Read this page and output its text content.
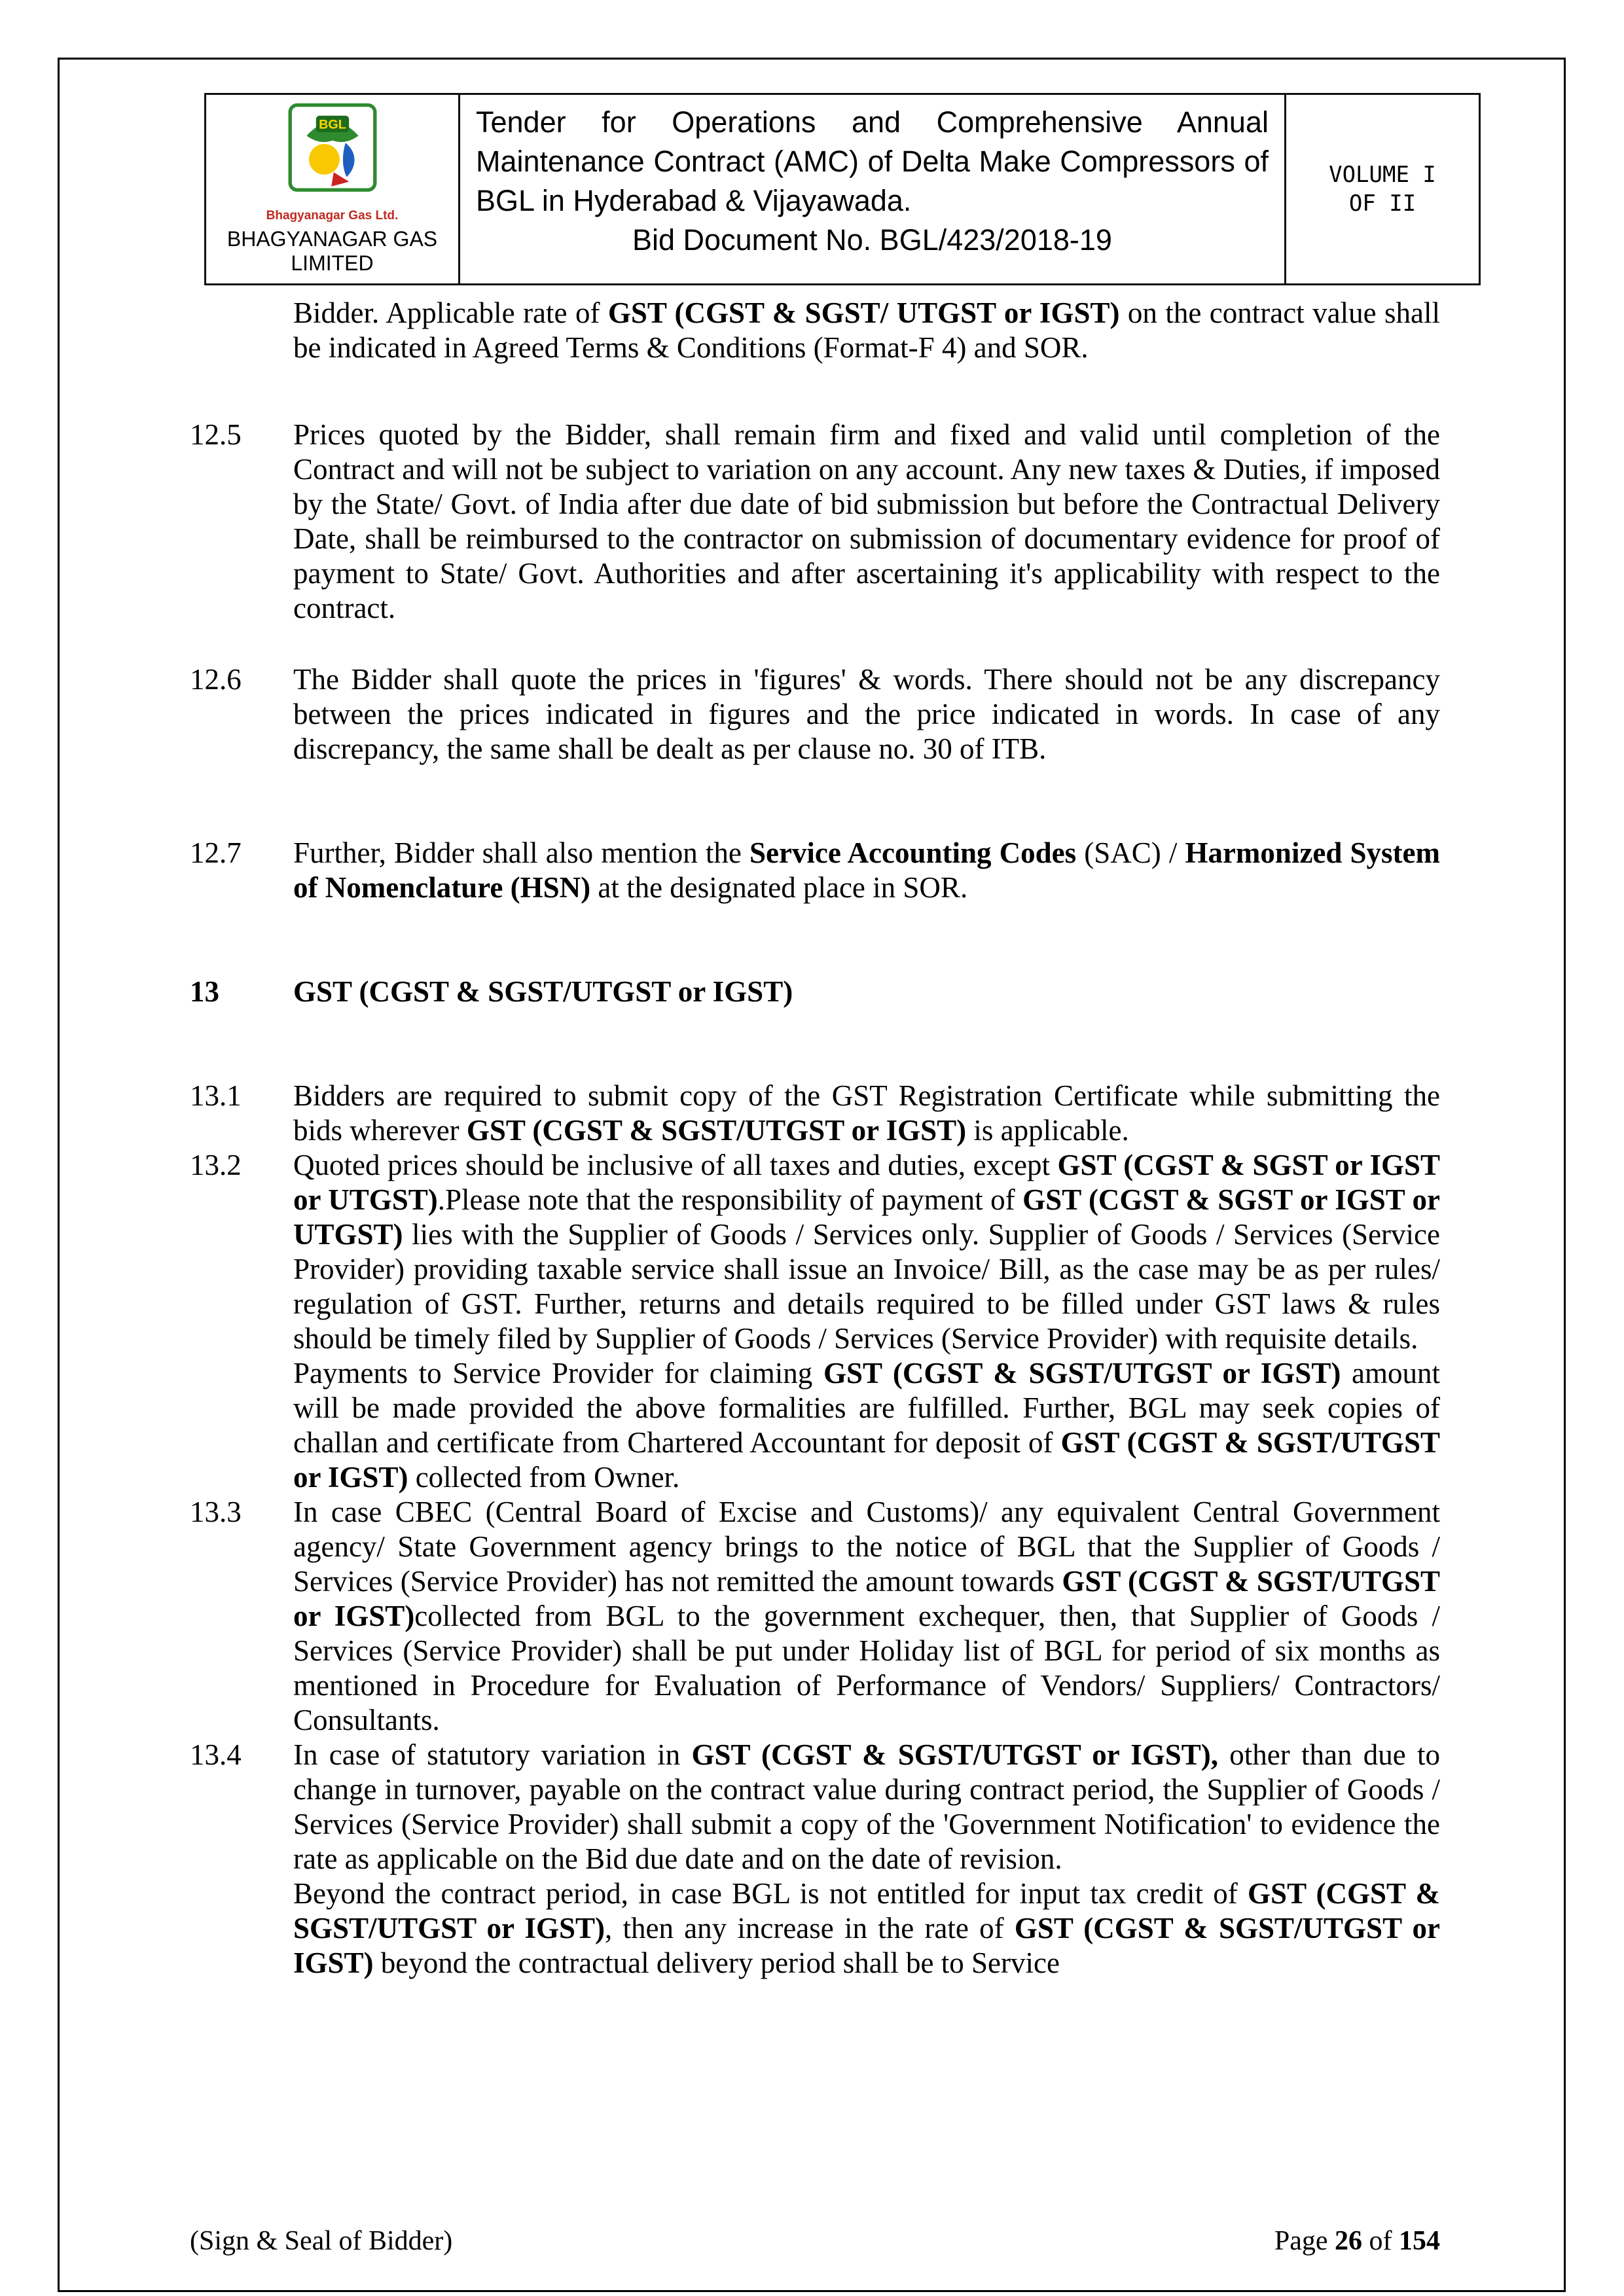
BGL
Bhagyanagar Gas Ltd.
BHAGYANAGAR GAS LIMITED
Tender for Operations and Comprehensive Annual Maintenance Contract (AMC) of Delta Make Compressors of BGL in Hyderabad & Vijayawada.
Bid Document No. BGL/423/2018-19
VOLUME I
OF II
Bidder. Applicable rate of GST (CGST & SGST/ UTGST or IGST) on the contract value shall be indicated in Agreed Terms & Conditions (Format-F 4) and SOR.
12.5	Prices quoted by the Bidder, shall remain firm and fixed and valid until completion of the Contract and will not be subject to variation on any account. Any new taxes & Duties, if imposed by the State/ Govt. of India after due date of bid submission but before the Contractual Delivery Date, shall be reimbursed to the contractor on submission of documentary evidence for proof of payment to State/ Govt. Authorities and after ascertaining it's applicability with respect to the contract.
12.6	The Bidder shall quote the prices in 'figures' & words. There should not be any discrepancy between the prices indicated in figures and the price indicated in words. In case of any discrepancy, the same shall be dealt as per clause no. 30 of ITB.
12.7	Further, Bidder shall also mention the Service Accounting Codes (SAC) / Harmonized System of Nomenclature (HSN) at the designated place in SOR.
13	GST (CGST & SGST/UTGST or IGST)
13.1	Bidders are required to submit copy of the GST Registration Certificate while submitting the bids wherever GST (CGST & SGST/UTGST or IGST) is applicable.
13.2	Quoted prices should be inclusive of all taxes and duties, except GST (CGST & SGST or IGST or UTGST).Please note that the responsibility of payment of GST (CGST & SGST or IGST or UTGST) lies with the Supplier of Goods / Services only. Supplier of Goods / Services (Service Provider) providing taxable service shall issue an Invoice/ Bill, as the case may be as per rules/ regulation of GST. Further, returns and details required to be filled under GST laws & rules should be timely filed by Supplier of Goods / Services (Service Provider) with requisite details.

Payments to Service Provider for claiming GST (CGST & SGST/UTGST or IGST) amount will be made provided the above formalities are fulfilled. Further, BGL may seek copies of challan and certificate from Chartered Accountant for deposit of GST (CGST & SGST/UTGST or IGST) collected from Owner.

13.3	In case CBEC (Central Board of Excise and Customs)/ any equivalent Central Government agency/ State Government agency brings to the notice of BGL that the Supplier of Goods / Services (Service Provider) has not remitted the amount towards GST (CGST & SGST/UTGST or IGST)collected from BGL to the government exchequer, then, that Supplier of Goods / Services (Service Provider) shall be put under Holiday list of BGL for period of six months as mentioned in Procedure for Evaluation of Performance of Vendors/ Suppliers/ Contractors/ Consultants.
13.4	In case of statutory variation in GST (CGST & SGST/UTGST or IGST), other than due to change in turnover, payable on the contract value during contract period, the Supplier of Goods / Services (Service Provider) shall submit a copy of the 'Government Notification' to evidence the rate as applicable on the Bid due date and on the date of revision.

Beyond the contract period, in case BGL is not entitled for input tax credit of GST (CGST & SGST/UTGST or IGST), then any increase in the rate of GST (CGST & SGST/UTGST or IGST) beyond the contractual delivery period shall be to Service

(Sign & Seal of Bidder)	Page 26 of 154
